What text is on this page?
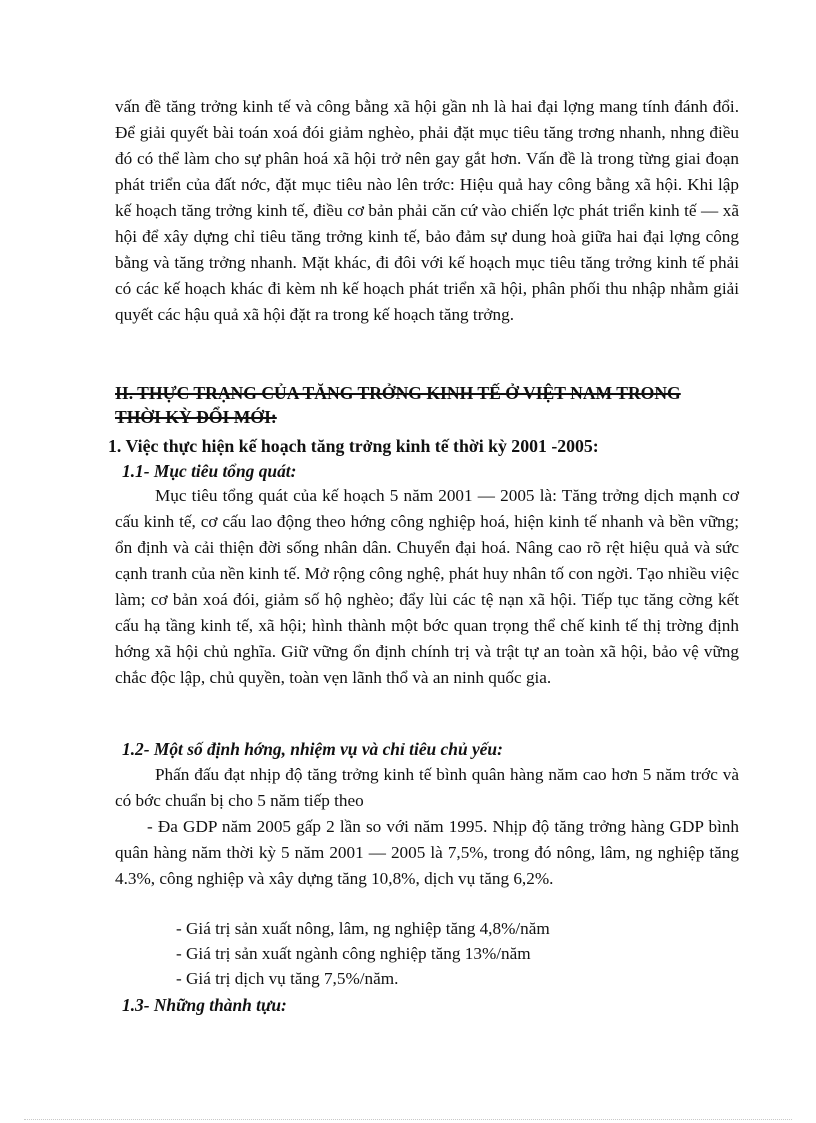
vấn đề tăng trởng kinh tế và công bằng xã hội gần nh là hai đại lợng mang tính đánh đổi. Để giải quyết bài toán xoá đói giảm nghèo, phải đặt mục tiêu tăng trơng nhanh, nhng điều đó có thể làm cho sự phân hoá xã hội trở nên gay gắt hơn. Vấn đề là trong từng giai đoạn phát triển của đất nớc, đặt mục tiêu nào lên trớc: Hiệu quả hay công bằng xã hội. Khi lập kế hoạch tăng trởng kinh tế, điều cơ bản phải căn cứ vào chiến lợc phát triển kinh tế — xã hội để xây dựng chỉ tiêu tăng trởng kinh tế, bảo đảm sự dung hoà giữa hai đại lợng công bằng và tăng trởng nhanh. Mặt khác, đi đôi với kế hoạch mục tiêu tăng trởng kinh tế phải có các kế hoạch khác đi kèm nh kế hoạch phát triển xã hội, phân phối thu nhập nhằm giải quyết các hậu quả xã hội đặt ra trong kế hoạch tăng trởng.

II. THỰC TRẠNG CỦA TĂNG TRỞNG KINH TẾ Ở VIỆT NAM TRONG THỜI KỲ ĐỔI MỚI:
1. Việc thực hiện kế hoạch tăng trởng kinh tế thời kỳ 2001 -2005:
1.1- Mục tiêu tổng quát:

Mục tiêu tổng quát của kế hoạch 5 năm 2001 — 2005 là: Tăng trởng dịch mạnh cơ cấu kinh tế, cơ cấu lao động theo hớng công nghiệp hoá, hiện kinh tế nhanh và bền vững; ổn định và cải thiện đời sống nhân dân. Chuyển đại hoá. Nâng cao rõ rệt hiệu quả và sức cạnh tranh của nền kinh tế. Mở rộng công nghệ, phát huy nhân tố con ngời. Tạo nhiều việc làm; cơ bản xoá đói, giảm số hộ nghèo; đẩy lùi các tệ nạn xã hội. Tiếp tục tăng cờng kết cấu hạ tầng kinh tế, xã hội; hình thành một bớc quan trọng thể chế kinh tế thị trờng định hớng xã hội chủ nghĩa. Giữ vững ổn định chính trị và trật tự an toàn xã hội, bảo vệ vững chắc độc lập, chủ quyền, toàn vẹn lãnh thổ và an ninh quốc gia.

1.2- Một số định hớng, nhiệm vụ và chỉ tiêu chủ yếu:

Phấn đấu đạt nhịp độ tăng trởng kinh tế bình quân hàng năm cao hơn 5 năm trớc và có bớc chuẩn bị cho 5 năm tiếp theo

- Đa GDP năm 2005 gấp 2 lần so với năm 1995. Nhịp độ tăng trởng hàng GDP bình quân hàng năm thời kỳ 5 năm 2001 — 2005 là 7,5%, trong đó nông, lâm, ng nghiệp tăng 4.3%, công nghiệp và xây dựng tăng 10,8%, dịch vụ tăng 6,2%.

- Giá trị sản xuất nông, lâm, ng nghiệp tăng 4,8%/năm

- Giá trị sản xuất ngành công nghiệp tăng 13%/năm

- Giá trị dịch vụ tăng 7,5%/năm.

1.3- Những thành tựu:
